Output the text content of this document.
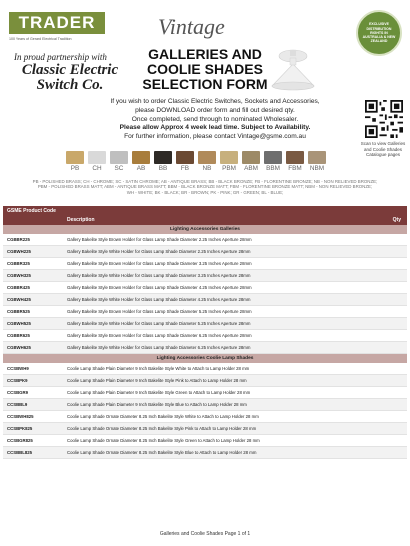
TRADER
100 Years of Gerard Electrical Tradition
In proud partnership with
Classic Electric Switch Co.
Vintage
GALLERIES AND COOLIE SHADES SELECTION FORM
EXCLUSIVE DISTRIBUTION RIGHTS IN AUSTRALIA & NEW ZEALAND
If you wish to order Classic Electric Switches, Sockets and Accessories,
please DOWNLOAD order form and fill out desired qty.
Once completed, send through to nominated Wholesaler.
Please allow Approx 4 week lead time. Subject to Availability.
For further information, please contact Vintage@gsme.com.au
Scan to view Galleries and Coolie Shades Catalogue pages
PB	CH	SC	AB	BB	FB	NB	PBM	ABM	BBM	FBM	NBM
PB - POLISHED BRASS; CH - CHROME; SC - SATIN CHROME; AB - ANTIQUE BRASS; BB - BLACK BRONZE; FB - FLORENTINE BRONZE; NB - NON RELIEVED BRONZE;
PBM - POLISHED BRASS MATT; ABM - ANTIQUE BRASS MATT; BBM - BLACK BRONZE MATT; FBM - FLORENTINE BRONZE MATT; NBM - NON RELIEVED BRONZE;
WH - WHITE; BK - BLACK; BR - BROWN; PK - PINK; GR - GREEN; BL - BLUE;
GSME Product Code
Description	Qty
Lighting Accessories Galleries
CGBBR225	Gallery Bakelite Style Brown Holder for Glass Lamp Shade Diameter 2.25 Inches Aperture 28mm
CGBWH225	Gallery Bakelite Style White Holder for Glass Lamp Shade Diameter 2.25 Inches Aperture 28mm
CGBBR325	Gallery Bakelite Style Brown Holder for Glass Lamp Shade Diameter 3.25 Inches Aperture 28mm
CGBWH325	Gallery Bakelite Style White Holder for Glass Lamp Shade Diameter 3.25 Inches Aperture 28mm
CGBBR425	Gallery Bakelite Style Brown Holder for Glass Lamp Shade Diameter 4.25 Inches Aperture 28mm
CGBWH425	Gallery Bakelite Style White Holder for Glass Lamp Shade Diameter 4.25 Inches Aperture 28mm
CGBBR525	Gallery Bakelite Style Brown Holder for Glass Lamp Shade Diameter 5.25 Inches Aperture 28mm
CGBWH525	Gallery Bakelite Style White Holder for Glass Lamp Shade Diameter 5.25 Inches Aperture 28mm
CGBBR625	Gallery Bakelite Style Brown Holder for Glass Lamp Shade Diameter 6.25 Inches Aperture 28mm
CGBWH625	Gallery Bakelite Style White Holder for Glass Lamp Shade Diameter 6.25 Inches Aperture 28mm
Lighting Accessories Coolie Lamp Shades
CCSBWH9	Coolie Lamp Shade Plain Diameter 9 Inch Bakelite Style White to Attach to Lamp Holder 28 mm
CCSBPK9	Coolie Lamp Shade Plain Diameter 9 Inch Bakelite Style Pink to Attach to Lamp Holder 28 mm
CCSBGR9	Coolie Lamp Shade Plain Diameter 9 Inch Bakelite Style Green to Attach to Lamp Holder 28 mm
CCSBBL9	Coolie Lamp Shade Plain Diameter 9 Inch Bakelite Style Blue to Attach to Lamp Holder 28 mm
CCSBWH825	Coolie Lamp Shade Ornate Diameter 8.25 Inch Bakelite Style White to Attach to Lamp Holder 28 mm
CCSBPK825	Coolie Lamp Shade Ornate Diameter 8.25 Inch Bakelite Style Pink to Attach to Lamp Holder 28 mm
CCSBGR825	Coolie Lamp Shade Ornate Diameter 8.25 Inch Bakelite Style Green to Attach to Lamp Holder 28 mm
CCSBBL825	Coolie Lamp Shade Ornate Diameter 8.25 Inch Bakelite Style Blue to Attach to Lamp Holder 28 mm
Galleries and Coolie Shades Page 1 of 1
